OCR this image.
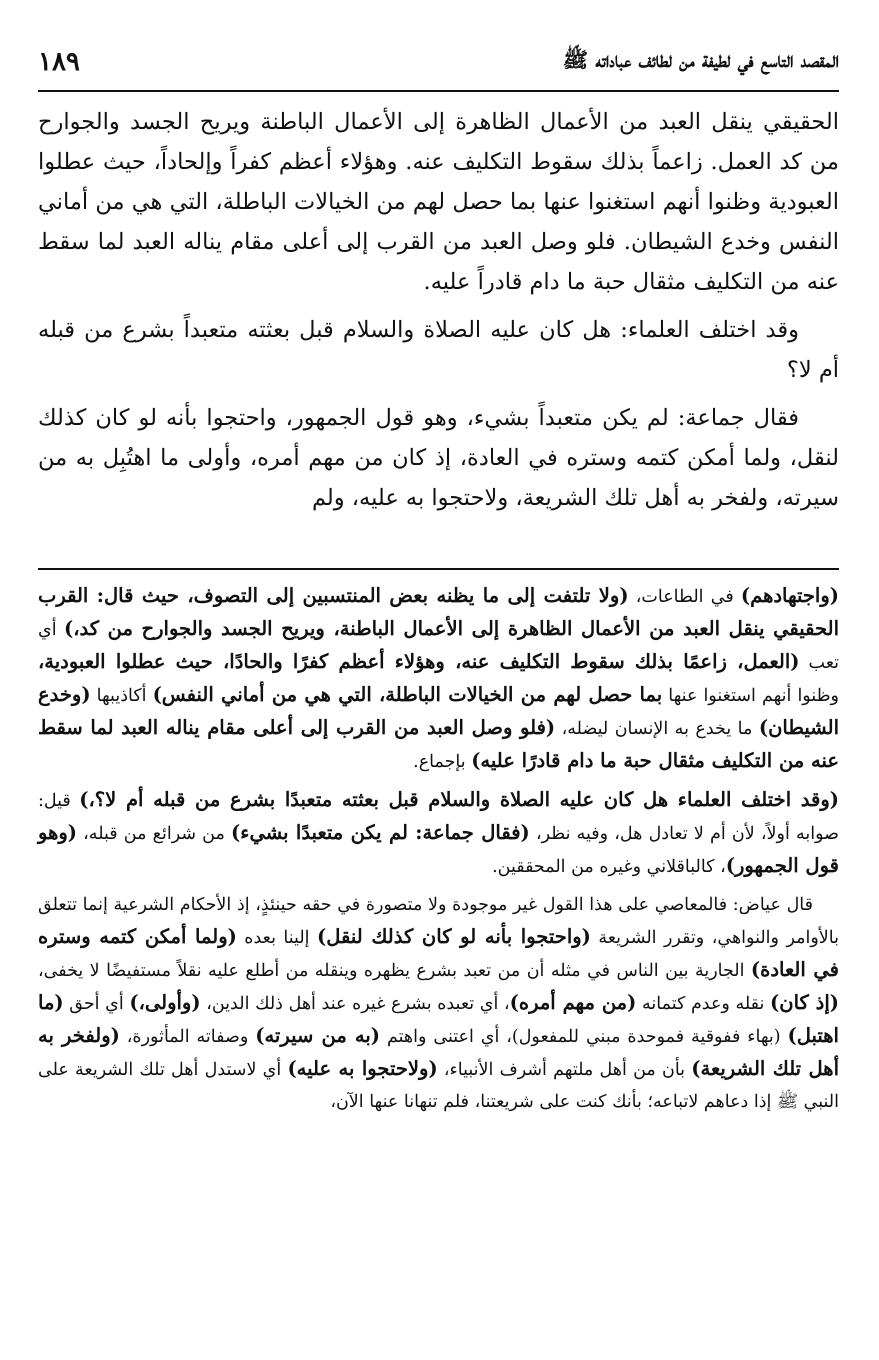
المقصد التاسع في لطيفة من لطائف عباداته ﷺ
١٨٩

الحقيقي ينقل العبد من الأعمال الظاهرة إلى الأعمال الباطنة ويريح الجسد والجوارح من كد العمل. زاعماً بذلك سقوط التكليف عنه. وهؤلاء أعظم كفراً وإلحاداً، حيث عطلوا العبودية وظنوا أنهم استغنوا عنها بما حصل لهم من الخيالات الباطلة، التي هي من أماني النفس وخدع الشيطان. فلو وصل العبد من القرب إلى أعلى مقام يناله العبد لما سقط عنه من التكليف مثقال حبة ما دام قادراً عليه.

وقد اختلف العلماء: هل كان عليه الصلاة والسلام قبل بعثته متعبداً بشرع من قبله أم لا؟

فقال جماعة: لم يكن متعبداً بشيء، وهو قول الجمهور، واحتجوا بأنه لو كان كذلك لنقل، ولما أمكن كتمه وستره في العادة، إذ كان من مهم أمره، وأولى ما اهتُبِل به من سيرته، ولفخر به أهل تلك الشريعة، ولاحتجوا به عليه، ولم

(واجتهادهم) في الطاعات، (ولا تلتفت إلى ما يظنه بعض المنتسبين إلى التصوف، حيث قال: القرب الحقيقي ينقل العبد من الأعمال الظاهرة إلى الأعمال الباطنة، ويريح الجسد والجوارح من كد،) أي تعب (العمل، زاعمًا بذلك سقوط التكليف عنه، وهؤلاء أعظم كفرًا والحادًا، حيث عطلوا العبودية، وظنوا أنهم استغنوا عنها بما حصل لهم من الخيالات الباطلة، التي هي من أماني النفس) أكاذيبها (وخدع الشيطان) ما يخدع به الإنسان ليضله، (فلو وصل العبد من القرب إلى أعلى مقام يناله العبد لما سقط عنه من التكليف مثقال حبة ما دام قادرًا عليه) بإجماع.

(وقد اختلف العلماء هل كان عليه الصلاة والسلام قبل بعثته متعبدًا بشرع من قبله أم لا؟،) قيل: صوابه أولاً، لأن أم لا تعادل هل، وفيه نظر، (فقال جماعة: لم يكن متعبدًا بشيء) من شرائع من قبله، (وهو قول الجمهور)، كالباقلاني وغيره من المحققين.

قال عياض: فالمعاصي على هذا القول غير موجودة ولا متصورة في حقه حينئذٍ، إذ الأحكام الشرعية إنما تتعلق بالأوامر والنواهي، وتقرر الشريعة (واحتجوا بأنه لو كان كذلك لنقل) إلينا بعده (ولما أمكن كتمه وستره في العادة) الجارية بين الناس في مثله أن من تعبد بشرع يظهره وينقله من أطلع عليه نقلاً مستفيضًا لا يخفى، (إذ كان) نقله وعدم كتمانه (من مهم أمره)، أي تعبده بشرع غيره عند أهل ذلك الدين، (وأولى،) أي أحق (ما اهتبل) (بهاء ففوقية فموحدة مبني للمفعول)، أي اعتنى واهتم (به من سيرته) وصفاته المأثورة، (ولفخر به أهل تلك الشريعة) بأن من أهل ملتهم أشرف الأنبياء، (ولاحتجوا به عليه) أي لاستدل أهل تلك الشريعة على النبي ﷺ إذا دعاهم لاتباعه؛ بأنك كنت على شريعتنا، فلم تنهانا عنها الآن،
